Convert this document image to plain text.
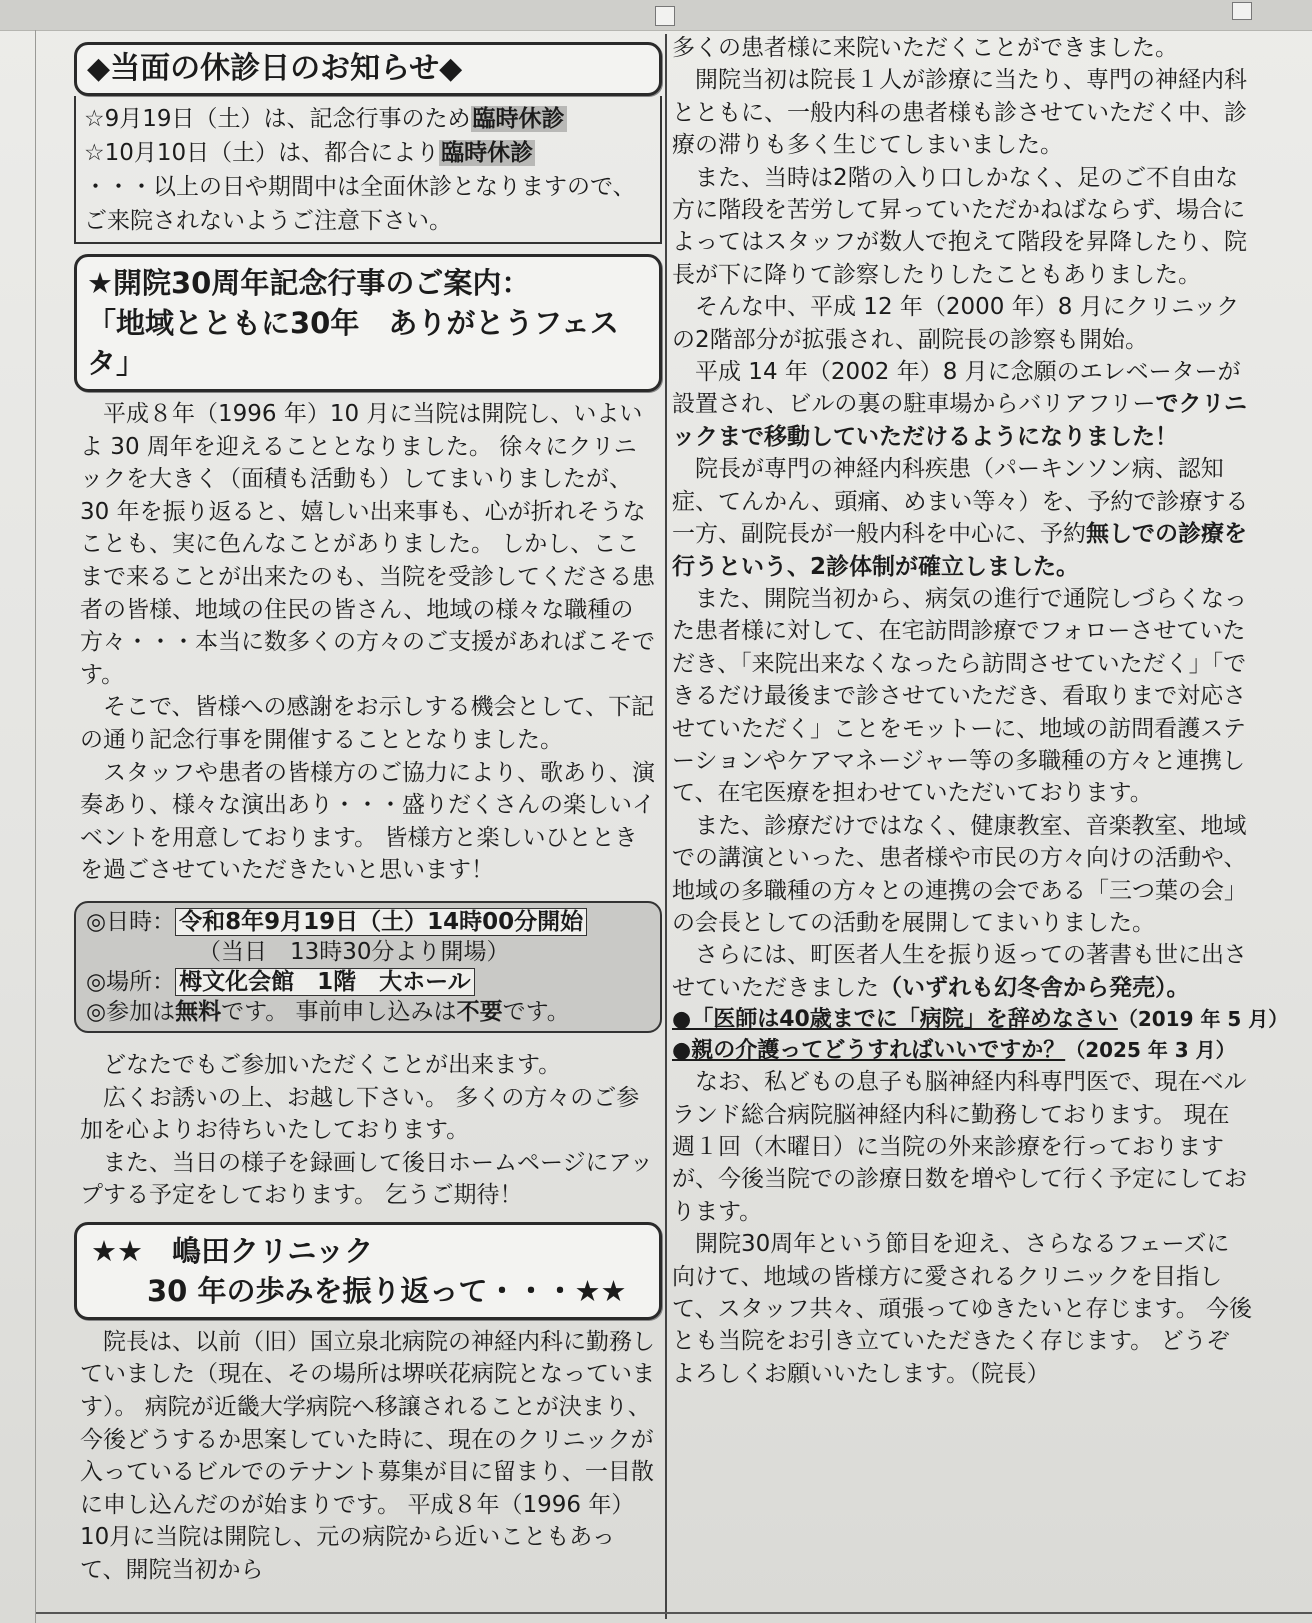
◆当面の休診日のお知らせ◆
☆9月19日（土）は、記念行事のため臨時休診
☆10月10日（土）は、都合により臨時休診
・・・以上の日や期間中は全面休診となりますので、
ご来院されないようご注意下さい。
★開院30周年記念行事のご案内：
「地域とともに30年　ありがとうフェスタ」

平成８年（1996 年）10 月に当院は開院し、いよいよ 30 周年を迎えることとなりました。 徐々にクリニックを大きく（面積も活動も）してまいりましたが、30 年を振り返ると、嬉しい出来事も、心が折れそうなことも、実に色んなことがありました。 しかし、ここまで来ることが出来たのも、当院を受診してくださる患者の皆様、地域の住民の皆さん、地域の様々な職種の方々・・・本当に数多くの方々のご支援があればこそです。

そこで、皆様への感謝をお示しする機会として、下記の通り記念行事を開催することとなりました。

スタッフや患者の皆様方のご協力により、歌あり、演奏あり、様々な演出あり・・・盛りだくさんの楽しいイベントを用意しております。 皆様方と楽しいひとときを過ごさせていただきたいと思います！

◎日時： 令和8年9月19日（土）14時00分開始
（当日　13時30分より開場）
◎場所： 栂文化会館　1階　大ホール
◎参加は無料です。 事前申し込みは不要です。

どなたでもご参加いただくことが出来ます。

広くお誘いの上、お越し下さい。 多くの方々のご参加を心よりお待ちいたしております。

また、当日の様子を録画して後日ホームページにアップする予定をしております。 乞うご期待！

★★　嶋田クリニック
30 年の歩みを振り返って・・・★★

院長は、以前（旧）国立泉北病院の神経内科に勤務していました（現在、その場所は堺咲花病院となっています）。 病院が近畿大学病院へ移譲されることが決まり、今後どうするか思案していた時に、現在のクリニックが入っているビルでのテナント募集が目に留まり、一目散に申し込んだのが始まりです。 平成８年（1996 年）10月に当院は開院し、元の病院から近いこともあって、開院当初から

多くの患者様に来院いただくことができました。

開院当初は院長１人が診療に当たり、専門の神経内科とともに、一般内科の患者様も診させていただく中、診療の滞りも多く生じてしまいました。

また、当時は2階の入り口しかなく、足のご不自由な方に階段を苦労して昇っていただかねばならず、場合によってはスタッフが数人で抱えて階段を昇降したり、院長が下に降りて診察したりしたこともありました。

そんな中、平成 12 年（2000 年）8 月にクリニックの2階部分が拡張され、副院長の診察も開始。

平成 14 年（2002 年）8 月に念願のエレベーターが設置され、ビルの裏の駐車場からバリアフリーでクリニックまで移動していただけるようになりました！

院長が専門の神経内科疾患（パーキンソン病、認知症、てんかん、頭痛、めまい等々）を、予約で診療する一方、副院長が一般内科を中心に、予約無しでの診療を行うという、2診体制が確立しました。

また、開院当初から、病気の進行で通院しづらくなった患者様に対して、在宅訪問診療でフォローさせていただき、「来院出来なくなったら訪問させていただく」「できるだけ最後まで診させていただき、看取りまで対応させていただく」ことをモットーに、地域の訪問看護ステーションやケアマネージャー等の多職種の方々と連携して、在宅医療を担わせていただいております。

また、診療だけではなく、健康教室、音楽教室、地域での講演といった、患者様や市民の方々向けの活動や、地域の多職種の方々との連携の会である「三つ葉の会」の会長としての活動を展開してまいりました。

さらには、町医者人生を振り返っての著書も世に出させていただきました（いずれも幻冬舎から発売）。

●「医師は40歳までに「病院」を辞めなさい（2019 年 5 月）
●親の介護ってどうすればいいですか？（2025 年 3 月）

なお、私どもの息子も脳神経内科専門医で、現在ベルランド総合病院脳神経内科に勤務しております。 現在週１回（木曜日）に当院の外来診療を行っておりますが、今後当院での診療日数を増やして行く予定にしております。

開院30周年という節目を迎え、さらなるフェーズに向けて、地域の皆様方に愛されるクリニックを目指して、スタッフ共々、頑張ってゆきたいと存じます。 今後とも当院をお引き立ていただきたく存じます。 どうぞよろしくお願いいたします。（院長）
